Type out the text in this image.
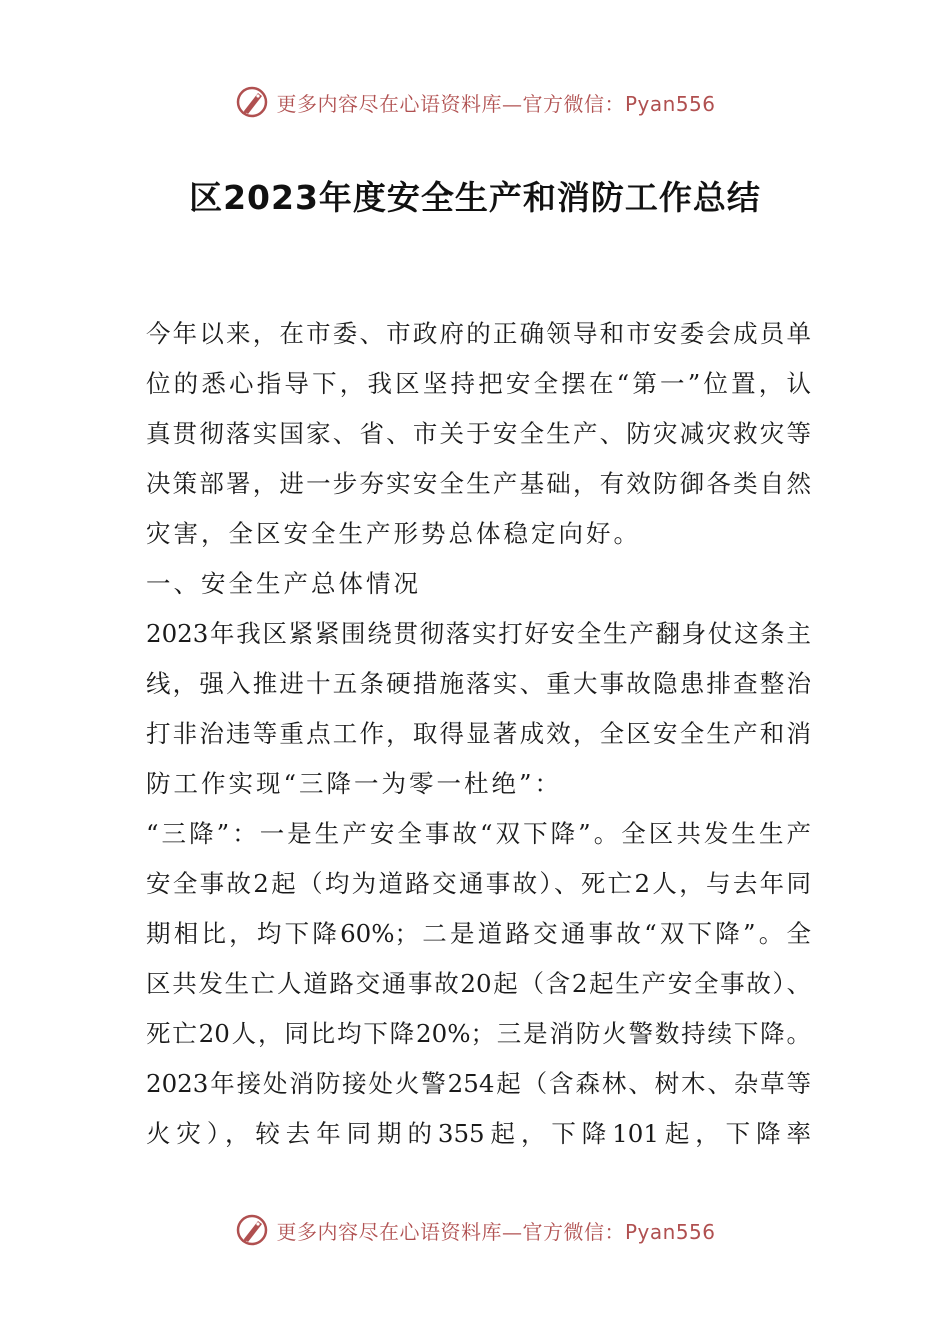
更多内容尽在心语资料库—官方微信：Pyan556
区2023年度安全生产和消防工作总结
今年以来，在市委、市政府的正确领导和市安委会成员单
位的悉心指导下，我区坚持把安全摆在“第一”位置，认
真贯彻落实国家、省、市关于安全生产、防灾减灾救灾等
决策部署，进一步夯实安全生产基础，有效防御各类自然
灾害，全区安全生产形势总体稳定向好。
一、安全生产总体情况
2023年我区紧紧围绕贯彻落实打好安全生产翻身仗这条主
线，强入推进十五条硬措施落实、重大事故隐患排查整治
打非治违等重点工作，取得显著成效，全区安全生产和消
防工作实现“三降一为零一杜绝”：
“三降”：一是生产安全事故“双下降”。全区共发生生产
安全事故2起（均为道路交通事故）、死亡2人，与去年同
期相比，均下降60%；二是道路交通事故“双下降”。全
区共发生亡人道路交通事故20起（含2起生产安全事故）、
死亡20人，同比均下降20%；三是消防火警数持续下降。
2023年接处消防接处火警254起（含森林、树木、杂草等
火灾），较去年同期的355起，下降101起，下降率
更多内容尽在心语资料库—官方微信：Pyan556
